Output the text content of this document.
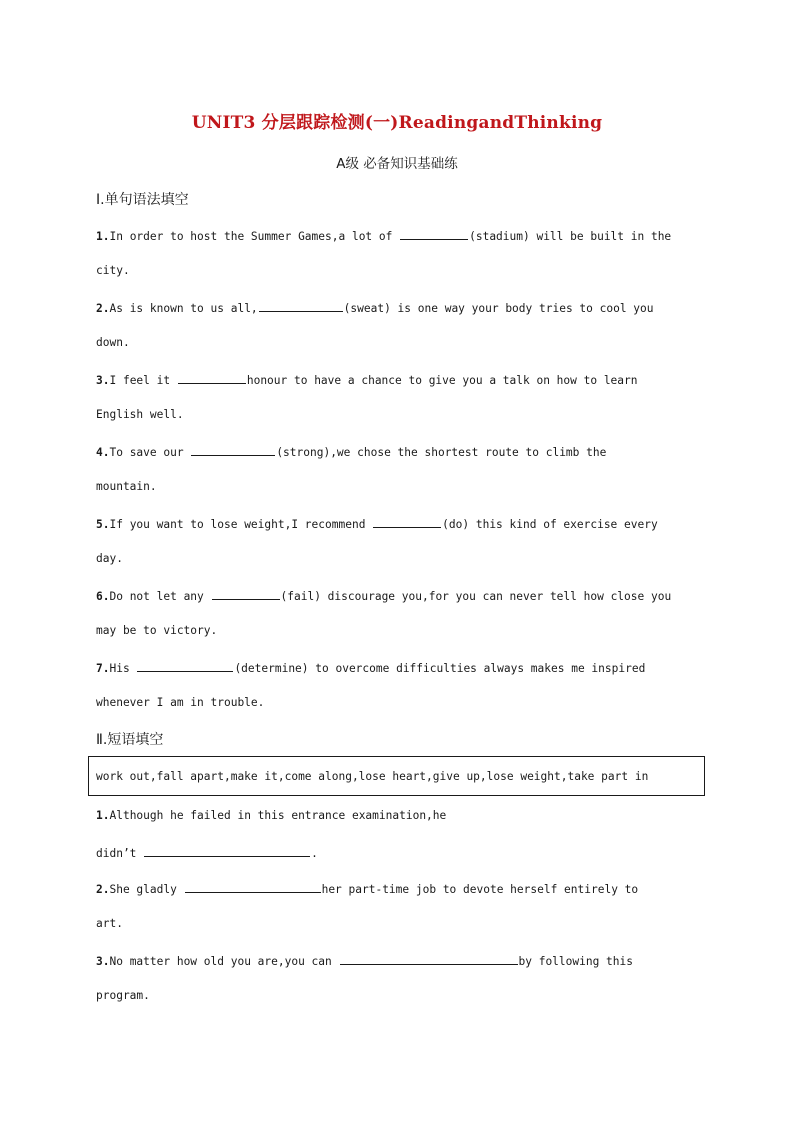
UNIT3 分层跟踪检测(一)ReadingandThinking
A级 必备知识基础练
Ⅰ.单句语法填空
1.In order to host the Summer Games,a lot of	(stadium) will be built in the
city.
2.As is known to us all,	(sweat) is one way your body tries to cool you
down.
3.I feel it	honour to have a chance to give you a talk on how to learn
English well.
4.To save our	(strong),we chose the shortest route to climb the
mountain.
5.If you want to lose weight,I recommend	(do) this kind of exercise every
day.
6.Do not let any	(fail) discourage you,for you can never tell how close you
may be to victory.
7.His	(determine) to overcome difficulties always makes me inspired
whenever I am in trouble.
Ⅱ.短语填空
work out,fall apart,make it,come along,lose heart,give up,lose weight,take part in
1.Although he failed in this entrance examination,he
didn’t	.
2.She gladly	her part-time job to devote herself entirely to
art.
3.No matter how old you are,you can	by following this
program.
